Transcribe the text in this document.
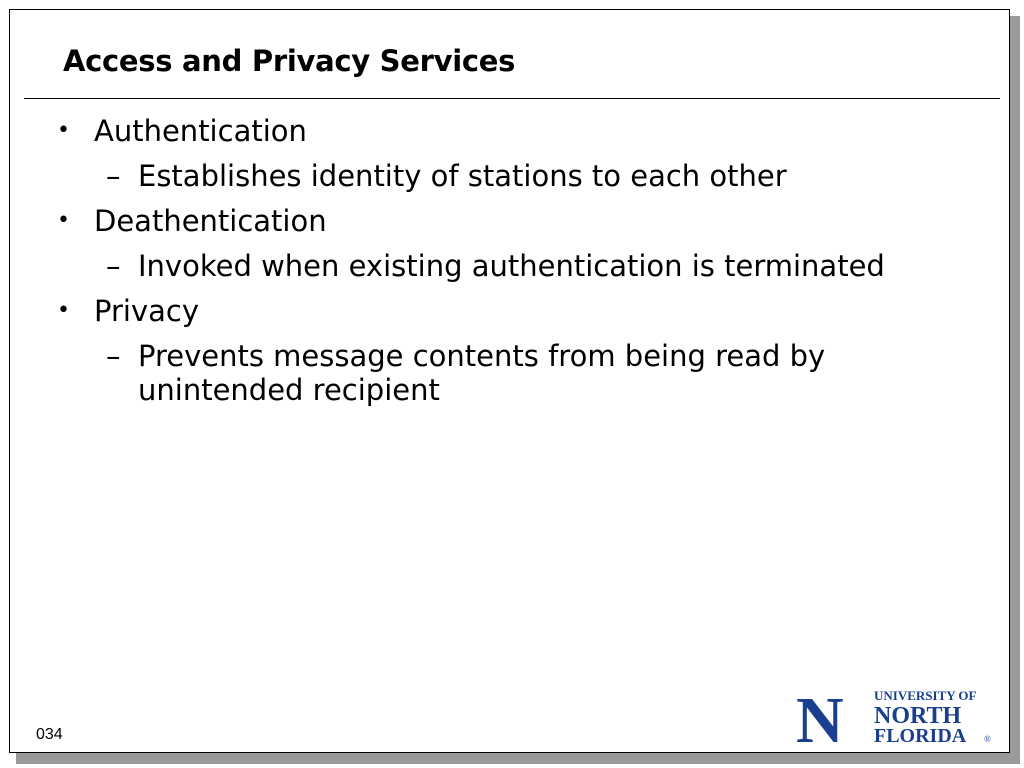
Access and Privacy Services
• Authentication
– Establishes identity of stations to each other
• Deathentication
– Invoked when existing authentication is terminated
• Privacy
– Prevents message contents from being read by unintended recipient
034	N UNIVERSITY OF
NORTH
FLORIDA ®
